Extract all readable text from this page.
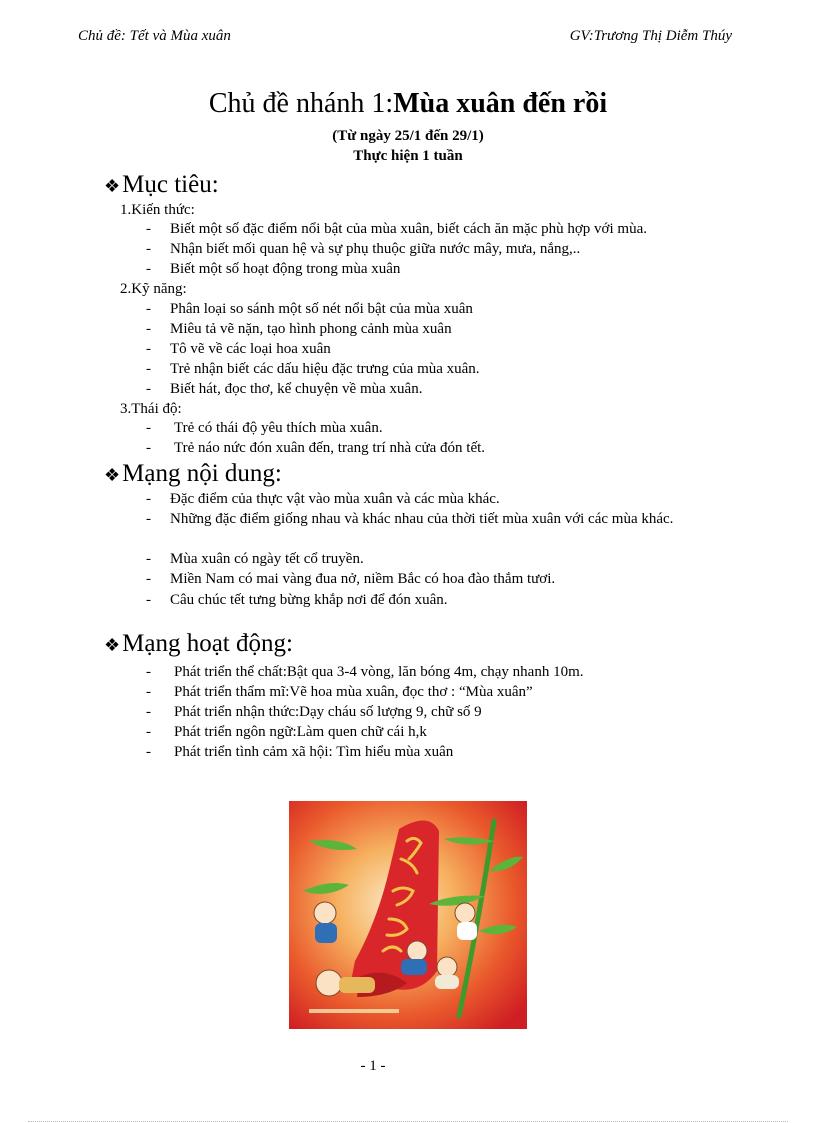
Chủ đề: Tết và Mùa xuân	GV:Trương Thị Diễm Thúy
Chủ đề nhánh 1:Mùa xuân đến rồi
(Từ ngày 25/1 đến 29/1)
Thực hiện 1 tuần
❖Mục tiêu:
1.Kiến thức:
- Biết một số đặc điểm nổi bật của mùa xuân, biết cách ăn mặc phù hợp với mùa.
- Nhận biết mối quan hệ và sự phụ thuộc giữa nước mây, mưa, nắng,..
- Biết một số hoạt động trong mùa xuân
2.Kỹ năng:
- Phân loại so sánh một số nét nổi bật của mùa xuân
- Miêu tả vẽ nặn, tạo hình phong cảnh mùa xuân
- Tô vẽ về các loại hoa xuân
- Trẻ nhận biết các dấu hiệu đặc trưng của mùa xuân.
- Biết hát, đọc thơ, kể chuyện về mùa xuân.
3.Thái độ:
- Trẻ có thái độ yêu thích mùa xuân.
- Trẻ náo nức đón xuân đến, trang trí nhà cửa đón tết.
❖Mạng nội dung:
- Đặc điểm của thực vật vào mùa xuân và các mùa khác.
-	Những đặc điểm giống nhau và khác nhau của thời tiết mùa xuân với các mùa khác.
- Mùa xuân có ngày tết cổ truyền.
- Miền Nam có mai vàng đua nở, niềm Bắc có hoa đào thắm tươi.
- Câu chúc tết tưng bừng khắp nơi để đón xuân.
❖Mạng hoạt động:
- Phát triển thể chất:Bật qua 3-4 vòng, lăn bóng 4m, chạy nhanh 10m.
- Phát triển thẩm mĩ:Vẽ hoa mùa xuân, đọc thơ : “Mùa xuân”
- Phát triển nhận thức:Dạy cháu số lượng 9, chữ số 9
- Phát triển ngôn ngữ:Làm quen chữ cái h,k
- Phát triển tình cảm xã hội: Tìm hiểu mùa xuân
- 1 -
